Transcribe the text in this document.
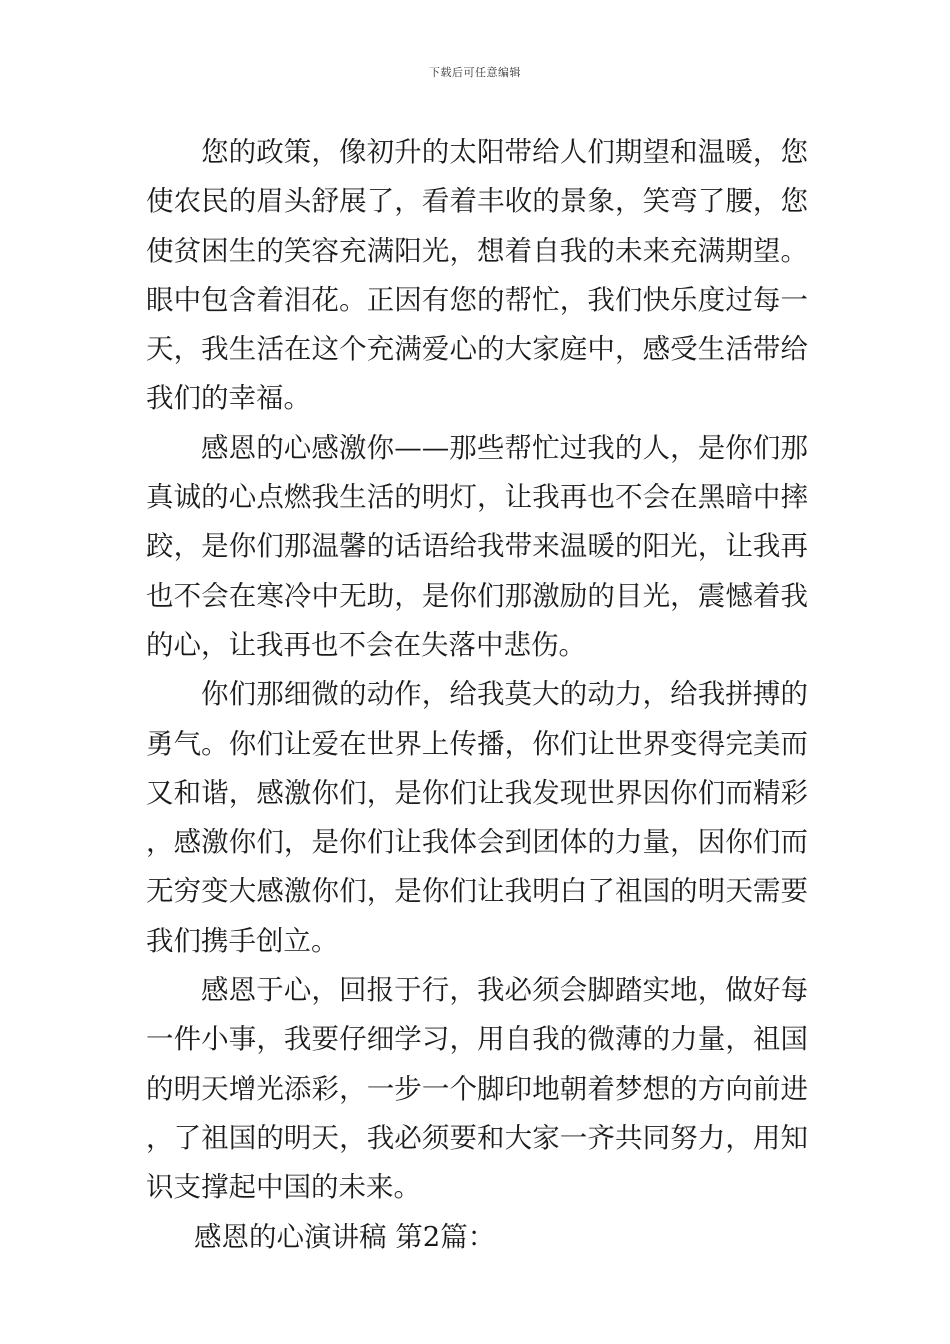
下载后可任意编辑

您的政策，像初升的太阳带给人们期望和温暖，您使农民的眉头舒展了，看着丰收的景象，笑弯了腰，您使贫困生的笑容充满阳光，想着自我的未来充满期望。眼中包含着泪花。正因有您的帮忙，我们快乐度过每一天，我生活在这个充满爱心的大家庭中，感受生活带给我们的幸福。

感恩的心感激你——那些帮忙过我的人，是你们那真诚的心点燃我生活的明灯，让我再也不会在黑暗中摔跤，是你们那温馨的话语给我带来温暖的阳光，让我再也不会在寒冷中无助，是你们那激励的目光，震憾着我的心，让我再也不会在失落中悲伤。

你们那细微的动作，给我莫大的动力，给我拼搏的勇气。你们让爱在世界上传播，你们让世界变得完美而又和谐，感激你们，是你们让我发现世界因你们而精彩，感激你们，是你们让我体会到团体的力量，因你们而无穷变大感激你们，是你们让我明白了祖国的明天需要我们携手创立。

感恩于心，回报于行，我必须会脚踏实地，做好每一件小事，我要仔细学习，用自我的微薄的力量，祖国的明天增光添彩，一步一个脚印地朝着梦想的方向前进，了祖国的明天，我必须要和大家一齐共同努力，用知识支撑起中国的未来。

感恩的心演讲稿 第2篇：
